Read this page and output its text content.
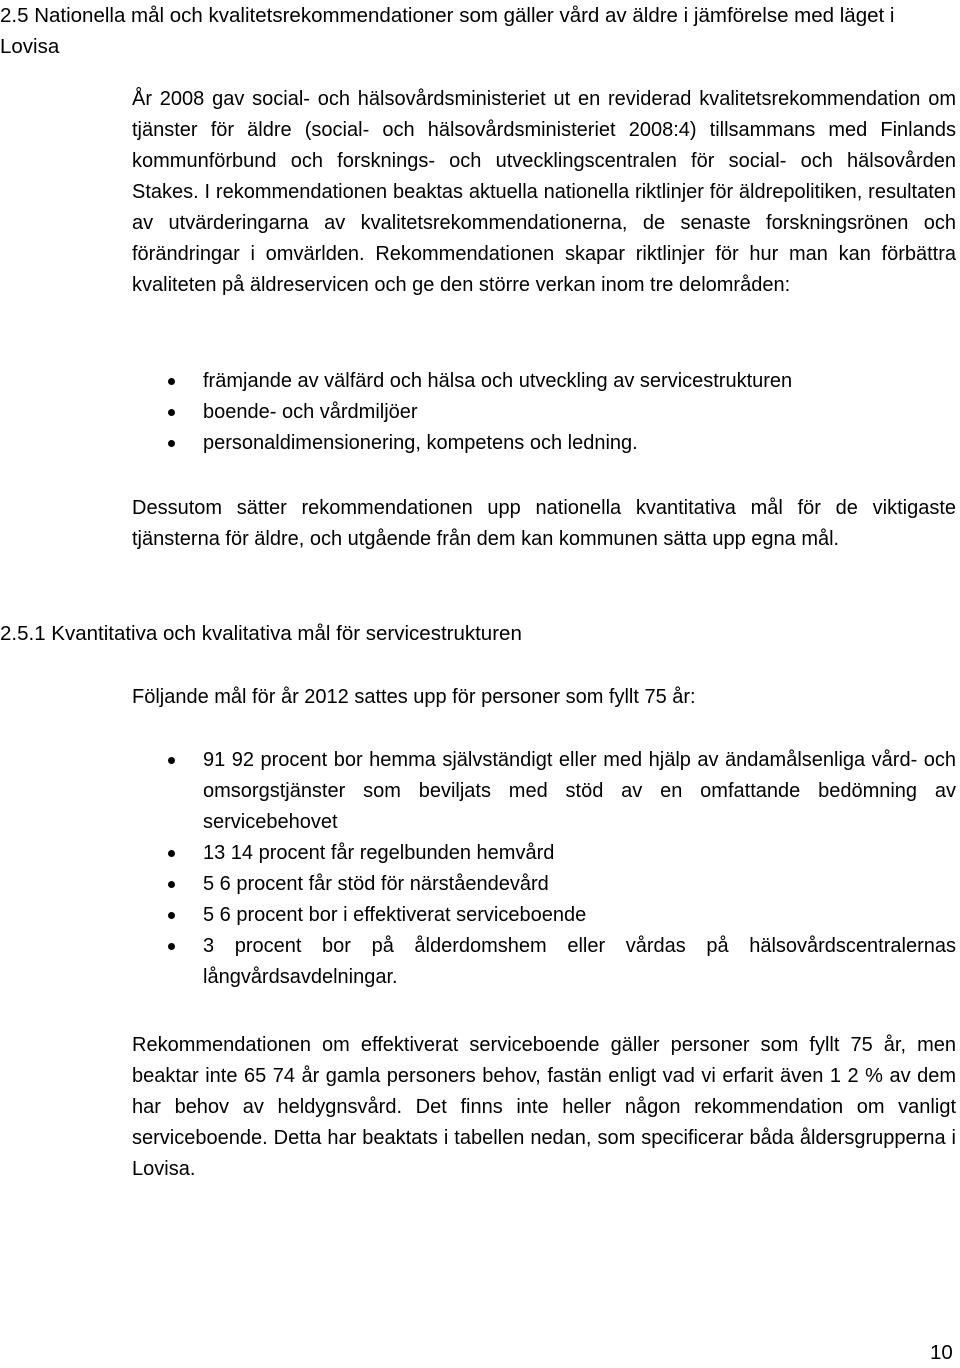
2.5 Nationella mål och kvalitetsrekommendationer som gäller vård av äldre i jämförelse med läget i Lovisa

År 2008 gav social- och hälsovårdsministeriet ut en reviderad kvalitetsrekommendation om tjänster för äldre (social- och hälsovårdsministeriet 2008:4) tillsammans med Finlands kommunförbund och forsknings- och utvecklingscentralen för social- och hälsovården Stakes. I rekommendationen beaktas aktuella nationella riktlinjer för äldrepolitiken, resultaten av utvärderingarna av kvalitetsrekommendationerna, de senaste forskningsrönen och förändringar i omvärlden. Rekommendationen skapar riktlinjer för hur man kan förbättra kvaliteten på äldreservicen och ge den större verkan inom tre delområden:

främjande av välfärd och hälsa och utveckling av servicestrukturen
boende- och vårdmiljöer
personaldimensionering, kompetens och ledning.

Dessutom sätter rekommendationen upp nationella kvantitativa mål för de viktigaste tjänsterna för äldre, och utgående från dem kan kommunen sätta upp egna mål.

2.5.1 Kvantitativa och kvalitativa mål för servicestrukturen

Följande mål för år 2012 sattes upp för personer som fyllt 75 år:

91 92 procent bor hemma självständigt eller med hjälp av ändamålsenliga vård- och omsorgstjänster som beviljats med stöd av en omfattande bedömning av servicebehovet
13 14 procent får regelbunden hemvård
5 6 procent får stöd för närståendevård
5 6 procent bor i effektiverat serviceboende
3 procent bor på ålderdomshem eller vårdas på hälsovårdscentralernas långvårdsavdelningar.

Rekommendationen om effektiverat serviceboende gäller personer som fyllt 75 år, men beaktar inte 65 74 år gamla personers behov, fastän enligt vad vi erfarit även 1 2 % av dem har behov av heldygnsvård. Det finns inte heller någon rekommendation om vanligt serviceboende. Detta har beaktats i tabellen nedan, som specificerar båda åldersgrupperna i Lovisa.

10
